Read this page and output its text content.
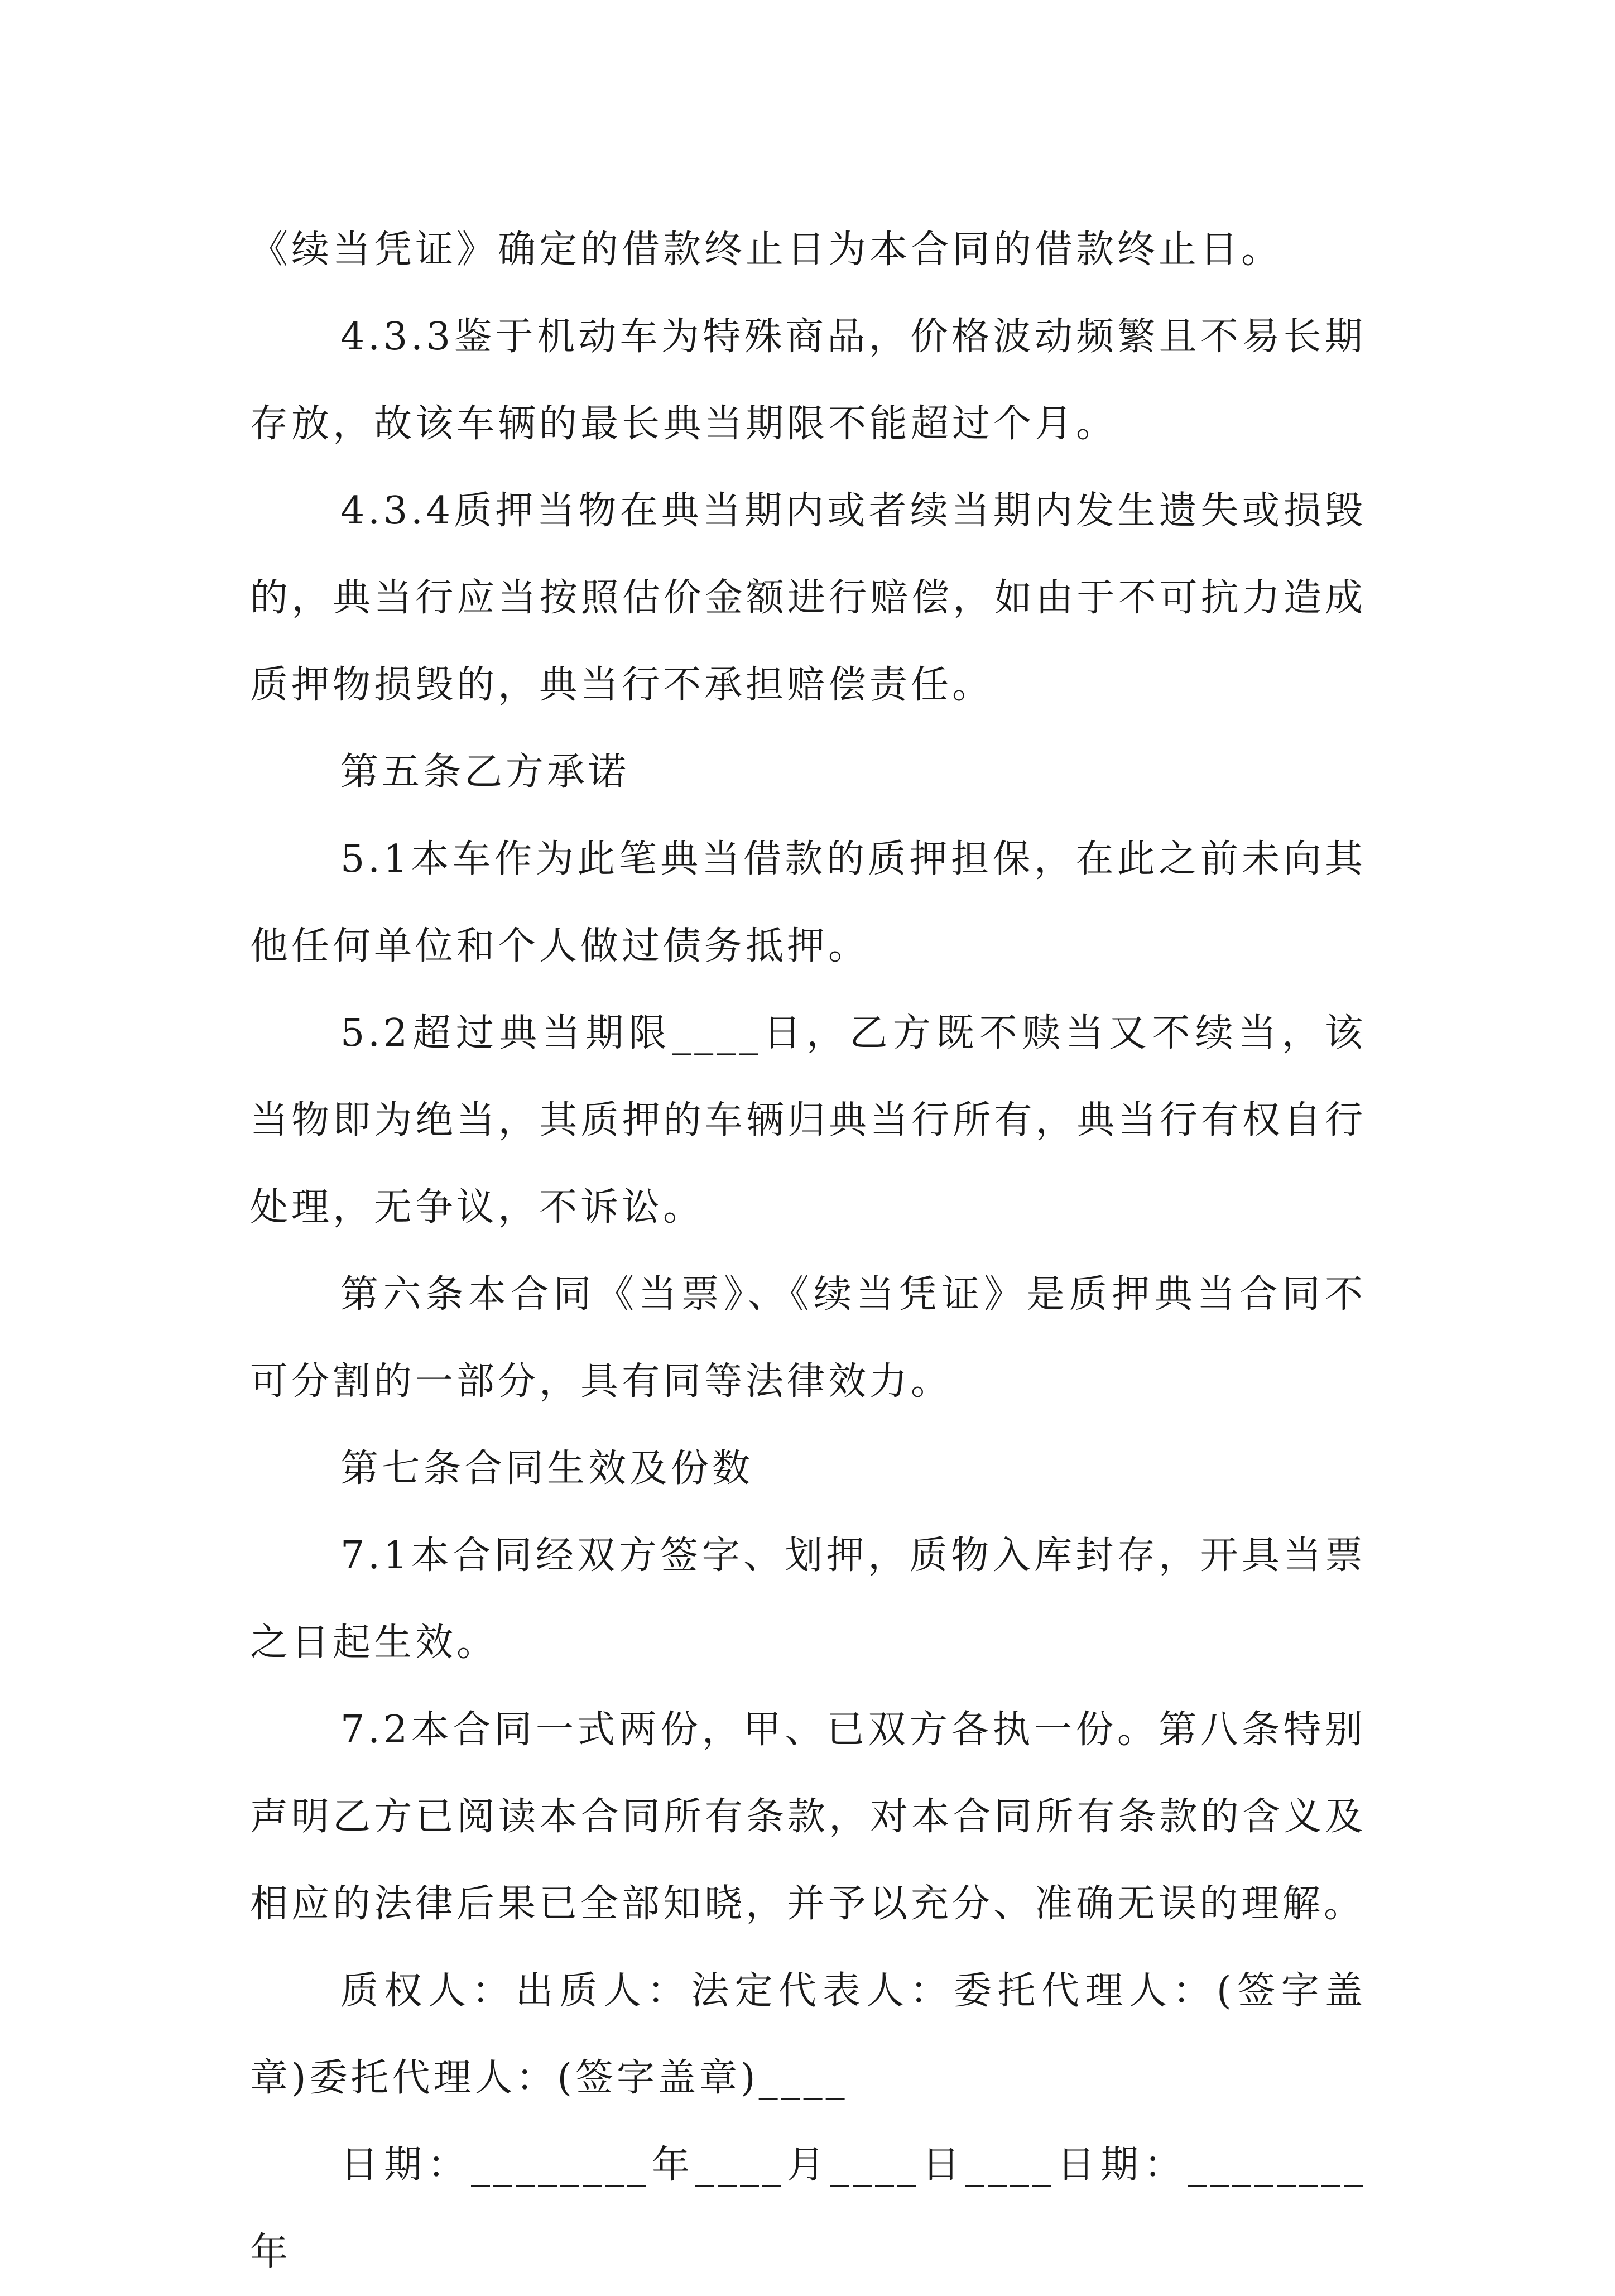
《续当凭证》确定的借款终止日为本合同的借款终止日。

4.3.3鉴于机动车为特殊商品，价格波动频繁且不易长期存放，故该车辆的最长典当期限不能超过个月。

4.3.4质押当物在典当期内或者续当期内发生遗失或损毁的，典当行应当按照估价金额进行赔偿，如由于不可抗力造成质押物损毁的，典当行不承担赔偿责任。

第五条乙方承诺

5.1本车作为此笔典当借款的质押担保，在此之前未向其他任何单位和个人做过债务抵押。

5.2超过典当期限____日，乙方既不赎当又不续当，该当物即为绝当，其质押的车辆归典当行所有，典当行有权自行处理，无争议，不诉讼。

第六条本合同《当票》、《续当凭证》是质押典当合同不可分割的一部分，具有同等法律效力。

第七条合同生效及份数

7.1本合同经双方签字、划押，质物入库封存，开具当票之日起生效。

7.2本合同一式两份，甲、已双方各执一份。第八条特别声明乙方已阅读本合同所有条款，对本合同所有条款的含义及相应的法律后果已全部知晓，并予以充分、准确无误的理解。

质权人：出质人：法定代表人：委托代理人：(签字盖章)委托代理人：(签字盖章)____

日期：________年____月____日____日期：________年
